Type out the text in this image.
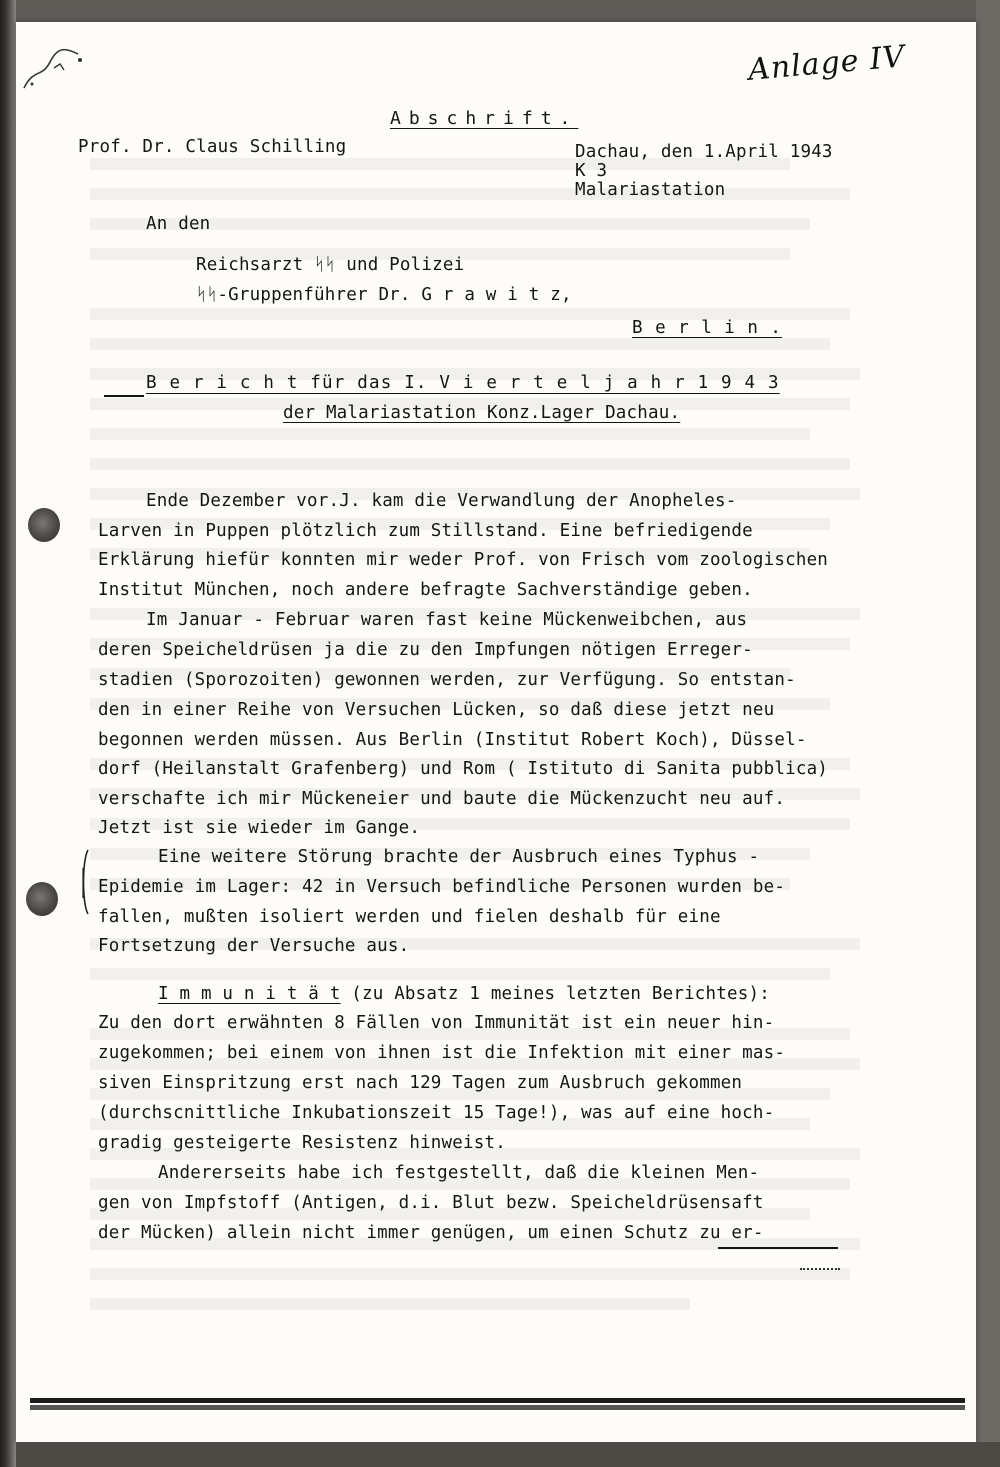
Anlage IV
Abschrift.
Prof. Dr. Claus Schilling	Dachau, den 1.April 1943
K 3
Malariastation
An den
Reichsarzt ᛋᛋ und Polizei
ᛋᛋ-Gruppenführer Dr. G r a w i t z,
B e r l i n .
B e r i c h t für das I. V i e r t e l j a h r 1 9 4 3
der Malariastation Konz.Lager Dachau.
Ende Dezember vor.J. kam die Verwandlung der Anopheles-
Larven in Puppen plötzlich zum Stillstand. Eine befriedigende
Erklärung hiefür konnten mir weder Prof. von Frisch vom zoologischen
Institut München, noch andere befragte Sachverständige geben.
Im Januar - Februar waren fast keine Mückenweibchen, aus
deren Speicheldrüsen ja die zu den Impfungen nötigen Erreger-
stadien (Sporozoiten) gewonnen werden, zur Verfügung. So entstan-
den in einer Reihe von Versuchen Lücken, so daß diese jetzt neu
begonnen werden müssen. Aus Berlin (Institut Robert Koch), Düssel-
dorf (Heilanstalt Grafenberg) und Rom ( Istituto di Sanita pubblica)
verschafte ich mir Mückeneier und baute die Mückenzucht neu auf.
Jetzt ist sie wieder im Gange.
Eine weitere Störung brachte der Ausbruch eines Typhus -
Epidemie im Lager: 42 in Versuch befindliche Personen wurden be-
fallen, mußten isoliert werden und fielen deshalb für eine
Fortsetzung der Versuche aus.
I m m u n i t ä t (zu Absatz 1 meines letzten Berichtes):
Zu den dort erwähnten 8 Fällen von Immunität ist ein neuer hin-
zugekommen; bei einem von ihnen ist die Infektion mit einer mas-
siven Einspritzung erst nach 129 Tagen zum Ausbruch gekommen
(durchscnittliche Inkubationszeit 15 Tage!), was auf eine hoch-
gradig gesteigerte Resistenz hinweist.
Andererseits habe ich festgestellt, daß die kleinen Men-
gen von Impfstoff (Antigen, d.i. Blut bezw. Speicheldrüsensaft
der Mücken) allein nicht immer genügen, um einen Schutz zu er-
